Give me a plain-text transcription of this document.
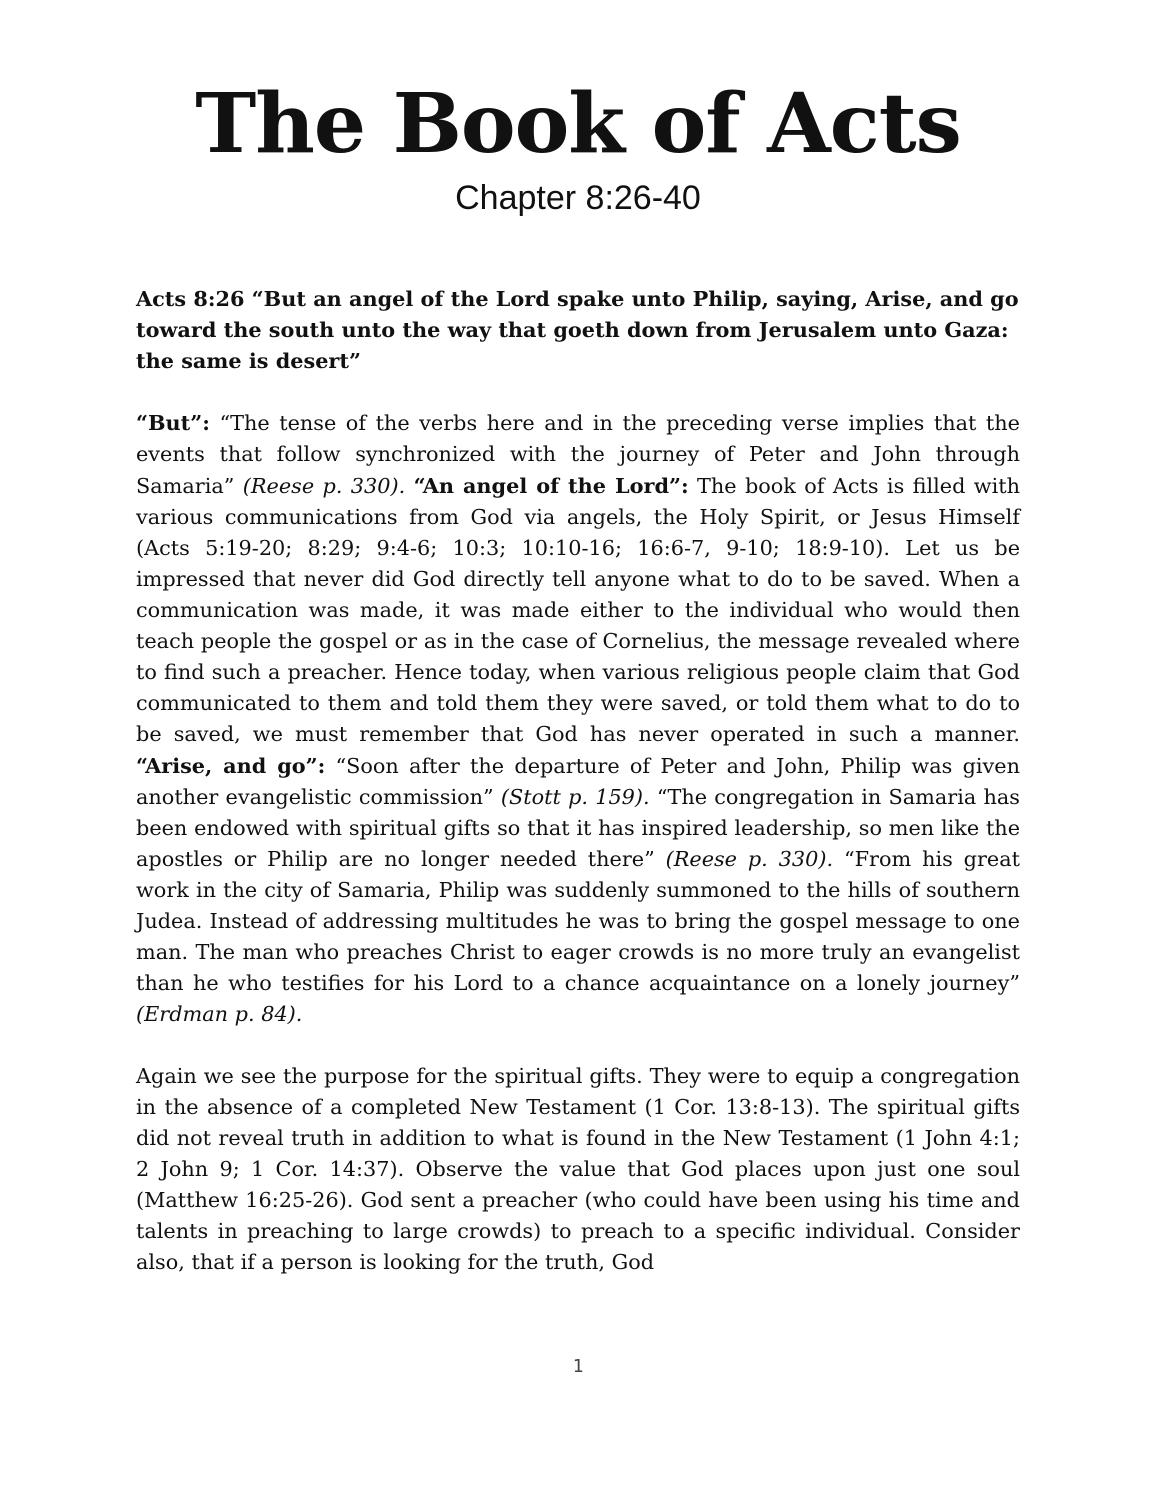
The Book of Acts
Chapter 8:26-40

Acts 8:26 “But an angel of the Lord spake unto Philip, saying, Arise, and go toward the south unto the way that goeth down from Jerusalem unto Gaza: the same is desert”

“But”: “The tense of the verbs here and in the preceding verse implies that the events that follow synchronized with the journey of Peter and John through Samaria” (Reese p. 330). “An angel of the Lord”: The book of Acts is filled with various communications from God via angels, the Holy Spirit, or Jesus Himself (Acts 5:19-20; 8:29; 9:4-6; 10:3; 10:10-16; 16:6-7, 9-10; 18:9-10). Let us be impressed that never did God directly tell anyone what to do to be saved. When a communication was made, it was made either to the individual who would then teach people the gospel or as in the case of Cornelius, the message revealed where to find such a preacher. Hence today, when various religious people claim that God communicated to them and told them they were saved, or told them what to do to be saved, we must remember that God has never operated in such a manner. “Arise, and go”: “Soon after the departure of Peter and John, Philip was given another evangelistic commission” (Stott p. 159). “The congregation in Samaria has been endowed with spiritual gifts so that it has inspired leadership, so men like the apostles or Philip are no longer needed there” (Reese p. 330). “From his great work in the city of Samaria, Philip was suddenly summoned to the hills of southern Judea. Instead of addressing multitudes he was to bring the gospel message to one man. The man who preaches Christ to eager crowds is no more truly an evangelist than he who testifies for his Lord to a chance acquaintance on a lonely journey” (Erdman p. 84).

Again we see the purpose for the spiritual gifts. They were to equip a congregation in the absence of a completed New Testament (1 Cor. 13:8-13). The spiritual gifts did not reveal truth in addition to what is found in the New Testament (1 John 4:1; 2 John 9; 1 Cor. 14:37). Observe the value that God places upon just one soul (Matthew 16:25-26). God sent a preacher (who could have been using his time and talents in preaching to large crowds) to preach to a specific individual. Consider also, that if a person is looking for the truth, God

1
